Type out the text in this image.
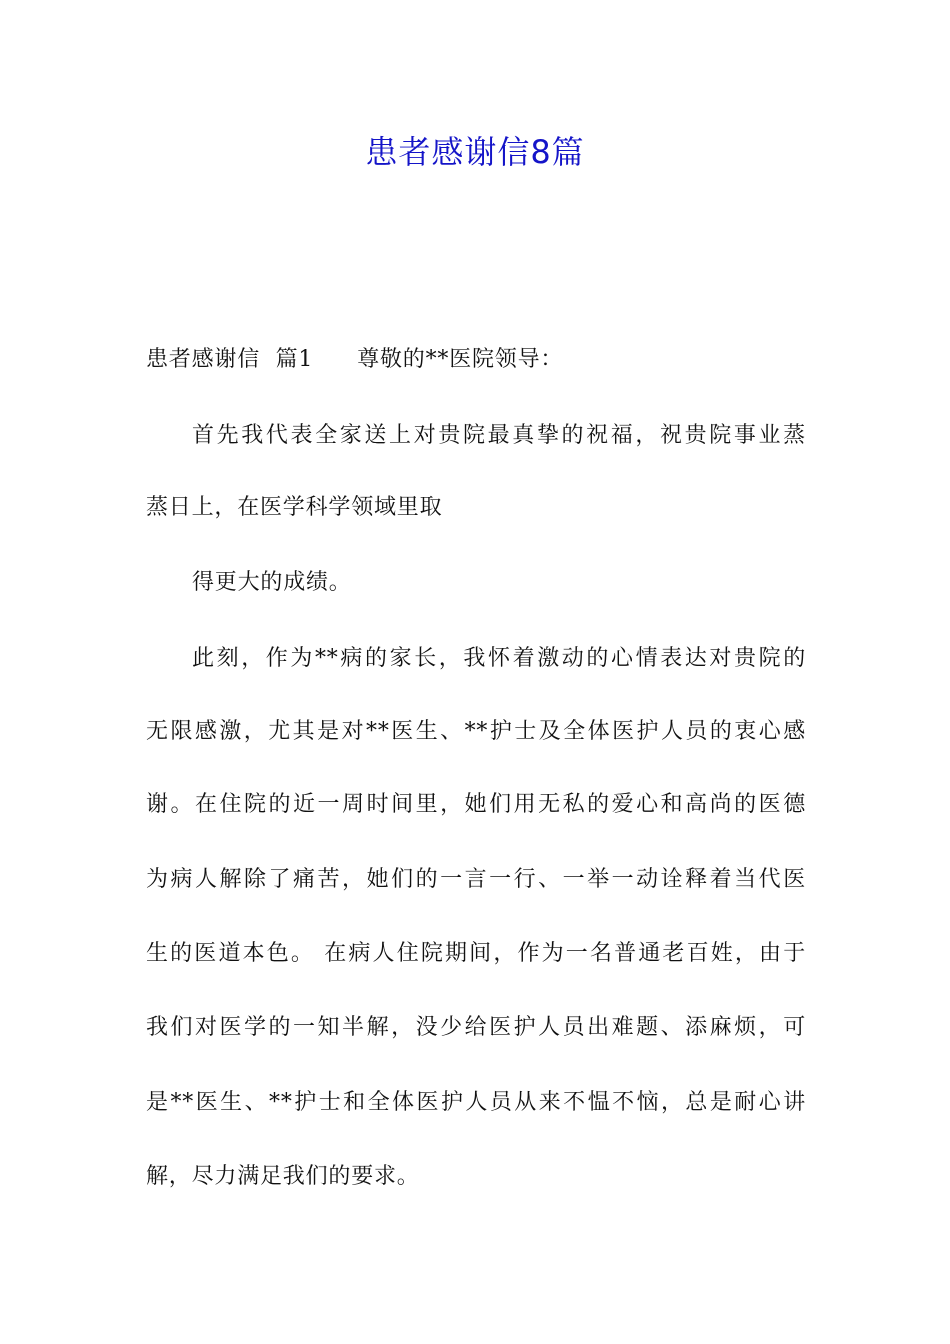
患者感谢信8篇
患者感谢信  篇1 尊敬的**医院领导：
首先我代表全家送上对贵院最真挚的祝福，祝贵院事业蒸
蒸日上，在医学科学领域里取
得更大的成绩。
此刻，作为**病的家长，我怀着激动的心情表达对贵院的
无限感激，尤其是对**医生、**护士及全体医护人员的衷心感
谢。在住院的近一周时间里，她们用无私的爱心和高尚的医德
为病人解除了痛苦，她们的一言一行、一举一动诠释着当代医
生的医道本色。 在病人住院期间，作为一名普通老百姓，由于
我们对医学的一知半解，没少给医护人员出难题、添麻烦，可
是**医生、**护士和全体医护人员从来不愠不恼，总是耐心讲
解，尽力满足我们的要求。
